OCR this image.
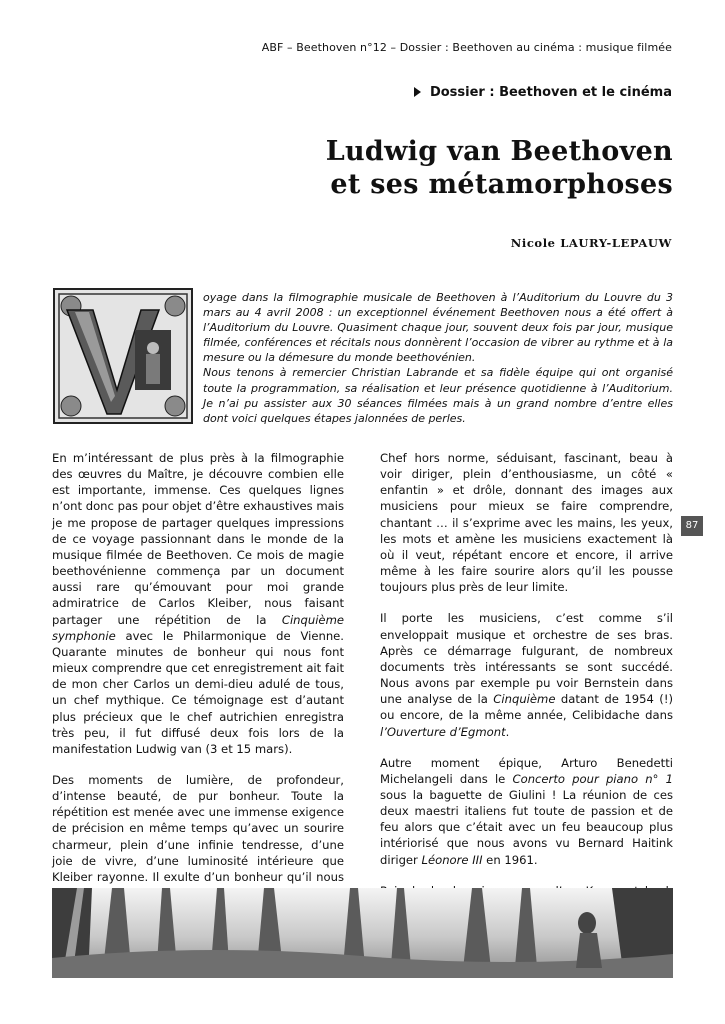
ABF – Beethoven n°12 – Dossier : Beethoven au cinéma : musique filmée
Dossier : Beethoven et le cinéma
Ludwig van Beethoven
et ses métamorphoses
Nicole LAURY-LEPAUW

oyage dans la filmographie musicale de Beethoven à l’Auditorium du Louvre du 3 mars au 4 avril 2008 : un exceptionnel événement Beethoven nous a été offert à l’Auditorium du Louvre. Quasiment chaque jour, souvent deux fois par jour, musique filmée, conférences et récitals nous donnèrent l’occasion de vibrer au rythme et à la mesure ou la démesure du monde beethovénien.

Nous tenons à remercier Christian Labrande et sa fidèle équipe qui ont organisé toute la programmation, sa réalisation et leur présence quotidienne à l’Auditorium. Je n’ai pu assister aux 30 séances filmées mais à un grand nombre d’entre elles dont voici quelques étapes jalonnées de perles.

En m’intéressant de plus près à la filmographie des œuvres du Maître, je découvre combien elle est importante, immense. Ces quelques lignes n’ont donc pas pour objet d’être exhaustives mais je me propose de partager quelques impressions de ce voyage passionnant dans le monde de la musique filmée de Beethoven. Ce mois de magie beethovénienne commença par un document aussi rare qu’émouvant pour moi grande admiratrice de Carlos Kleiber, nous faisant partager une répétition de la Cinquième symphonie avec le Philarmonique de Vienne. Quarante minutes de bonheur qui nous font mieux comprendre que cet enregistrement ait fait de mon cher Carlos un demi-dieu adulé de tous, un chef mythique. Ce témoignage est d’autant plus précieux que le chef autrichien enregistra très peu, il fut diffusé deux fois lors de la manifestation Ludwig van (3 et 15 mars).

Des moments de lumière, de profondeur, d’intense beauté, de pur bonheur. Toute la répétition est menée avec une immense exigence de précision en même temps qu’avec un sourire charmeur, plein d’une infinie tendresse, d’une joie de vivre, d’une luminosité intérieure que Kleiber rayonne. Il exulte d’un bonheur qu’il nous

Chef hors norme, séduisant, fascinant, beau à voir diriger, plein d’enthousiasme, un côté « enfantin » et drôle, donnant des images aux musiciens pour mieux se faire comprendre, chantant … il s’exprime avec les mains, les yeux, les mots et amène les musiciens exactement là où il veut, répétant encore et encore, il arrive même à les faire sourire alors qu’il les pousse toujours plus près de leur limite.

Il porte les musiciens, c’est comme s’il enveloppait musique et orchestre de ses bras. Après ce démarrage fulgurant, de nombreux documents très intéressants se sont succédé. Nous avons par exemple pu voir Bernstein dans une analyse de la Cinquième datant de 1954 (!) ou encore, de la même année, Celibidache dans l’Ouverture d’Egmont.

Autre moment épique, Arturo Benedetti Michelangeli dans le Concerto pour piano n° 1 sous la baguette de Giulini ! La réunion de ces deux maestri italiens fut toute de passion et de feu alors que c’était avec un feu beaucoup plus intériorisé que nous avons vu Bernard Haitink diriger Léonore III en 1961.

87
